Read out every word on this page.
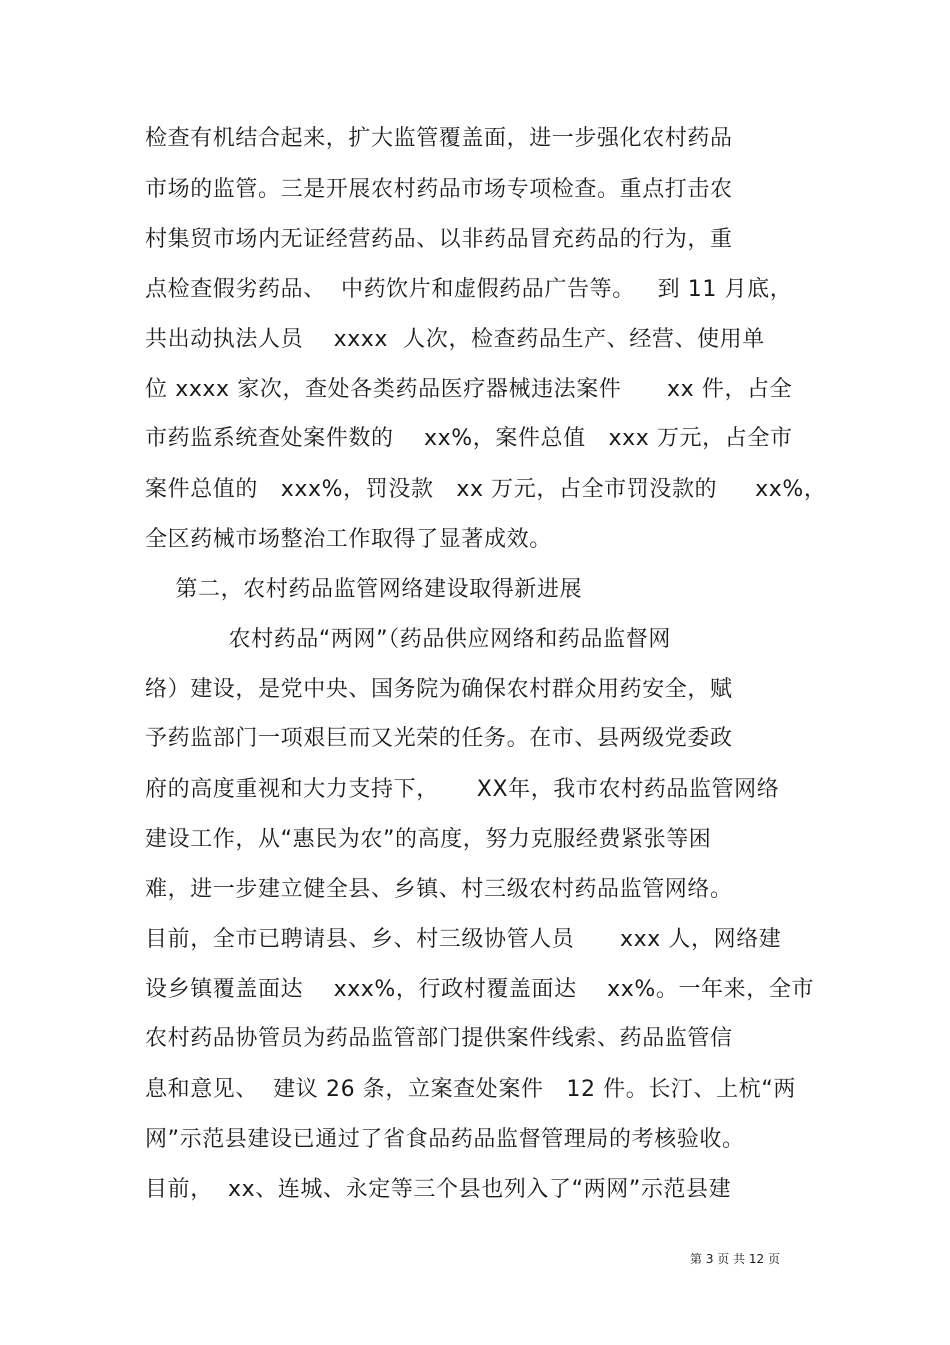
检查有机结合起来，扩大监管覆盖面，进一步强化农村药品
市场的监管。三是开展农村药品市场专项检查。重点打击农
村集贸市场内无证经营药品、以非药品冒充药品的行为，重
点检查假劣药品、  中药饮片和虚假药品广告等。   到 11 月底，
共出动执法人员    xxxx  人次，检查药品生产、经营、使用单
位 xxxx 家次，查处各类药品医疗器械违法案件      xx 件，占全
市药监系统查处案件数的    xx%，案件总值   xxx 万元，占全市
案件总值的   xxx%，罚没款   xx 万元，占全市罚没款的     xx%，
全区药械市场整治工作取得了显著成效。
第二，农村药品监管网络建设取得新进展
农村药品“两网”（药品供应网络和药品监督网
络）建设，是党中央、国务院为确保农村群众用药安全，赋
予药监部门一项艰巨而又光荣的任务。在市、县两级党委政
府的高度重视和大力支持下，     XX年，我市农村药品监管网络
建设工作，从“惠民为农”的高度，努力克服经费紧张等困
难，进一步建立健全县、乡镇、村三级农村药品监管网络。
目前，全市已聘请县、乡、村三级协管人员      xxx 人，网络建
设乡镇覆盖面达    xxx%，行政村覆盖面达    xx%。一年来，全市
农村药品协管员为药品监管部门提供案件线索、药品监管信
息和意见、  建议 26 条，立案查处案件   12 件。长汀、上杭“两
网”示范县建设已通过了省食品药品监督管理局的考核验收。
目前，  xx、连城、永定等三个县也列入了“两网”示范县建
第 3 页 共 12 页
